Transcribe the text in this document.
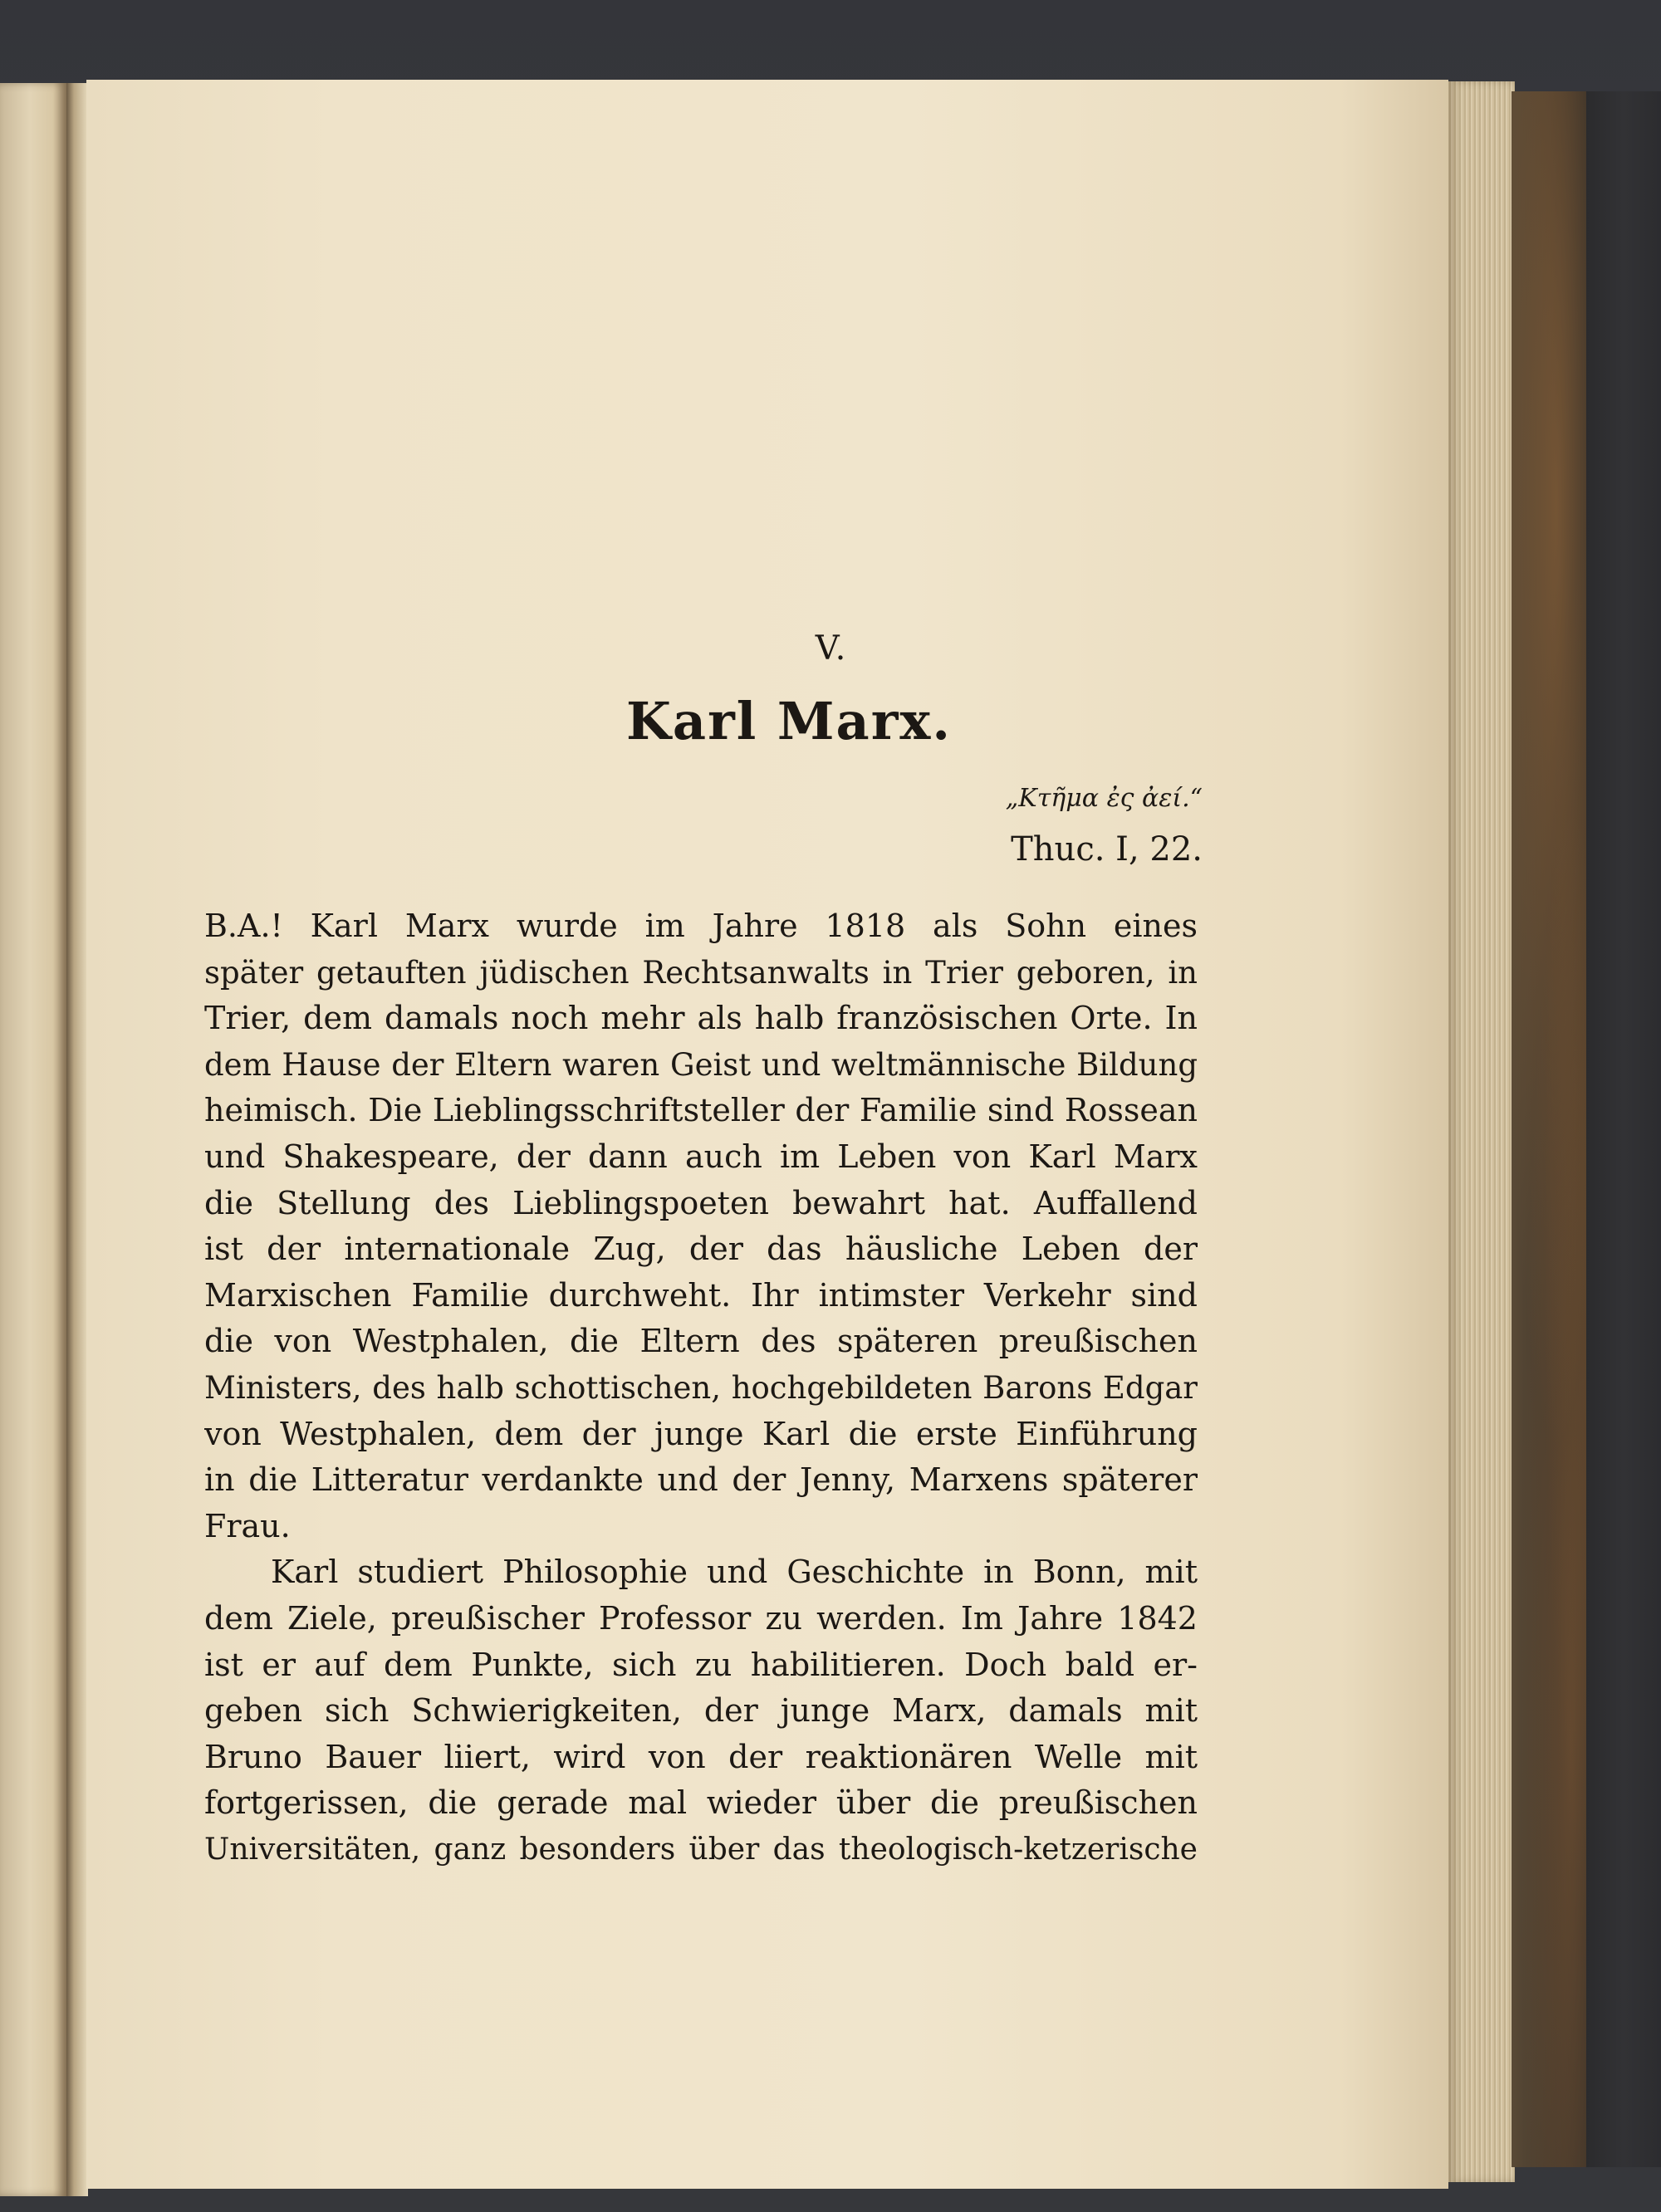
V.
Karl Marx.
„Κτῆμα ἐς ἀεί.“
Thuc. I, 22.
B.A.! Karl Marx wurde im Jahre 1818 als Sohn eines
später getauften jüdischen Rechtsanwalts in Trier geboren, in
Trier, dem damals noch mehr als halb französischen Orte. In
dem Hause der Eltern waren Geist und weltmännische Bildung
heimisch. Die Lieblingsschriftsteller der Familie sind Rossean
und Shakespeare, der dann auch im Leben von Karl Marx
die Stellung des Lieblingspoeten bewahrt hat. Auffallend
ist der internationale Zug, der das häusliche Leben der
Marxischen Familie durchweht. Ihr intimster Verkehr sind
die von Westphalen, die Eltern des späteren preußischen
Ministers, des halb schottischen, hochgebildeten Barons Edgar
von Westphalen, dem der junge Karl die erste Einführung
in die Litteratur verdankte und der Jenny, Marxens späterer
Frau.
Karl studiert Philosophie und Geschichte in Bonn, mit
dem Ziele, preußischer Professor zu werden. Im Jahre 1842
ist er auf dem Punkte, sich zu habilitieren. Doch bald er-
geben sich Schwierigkeiten, der junge Marx, damals mit
Bruno Bauer liiert, wird von der reaktionären Welle mit
fortgerissen, die gerade mal wieder über die preußischen
Universitäten, ganz besonders über das theologisch-ketzerische
